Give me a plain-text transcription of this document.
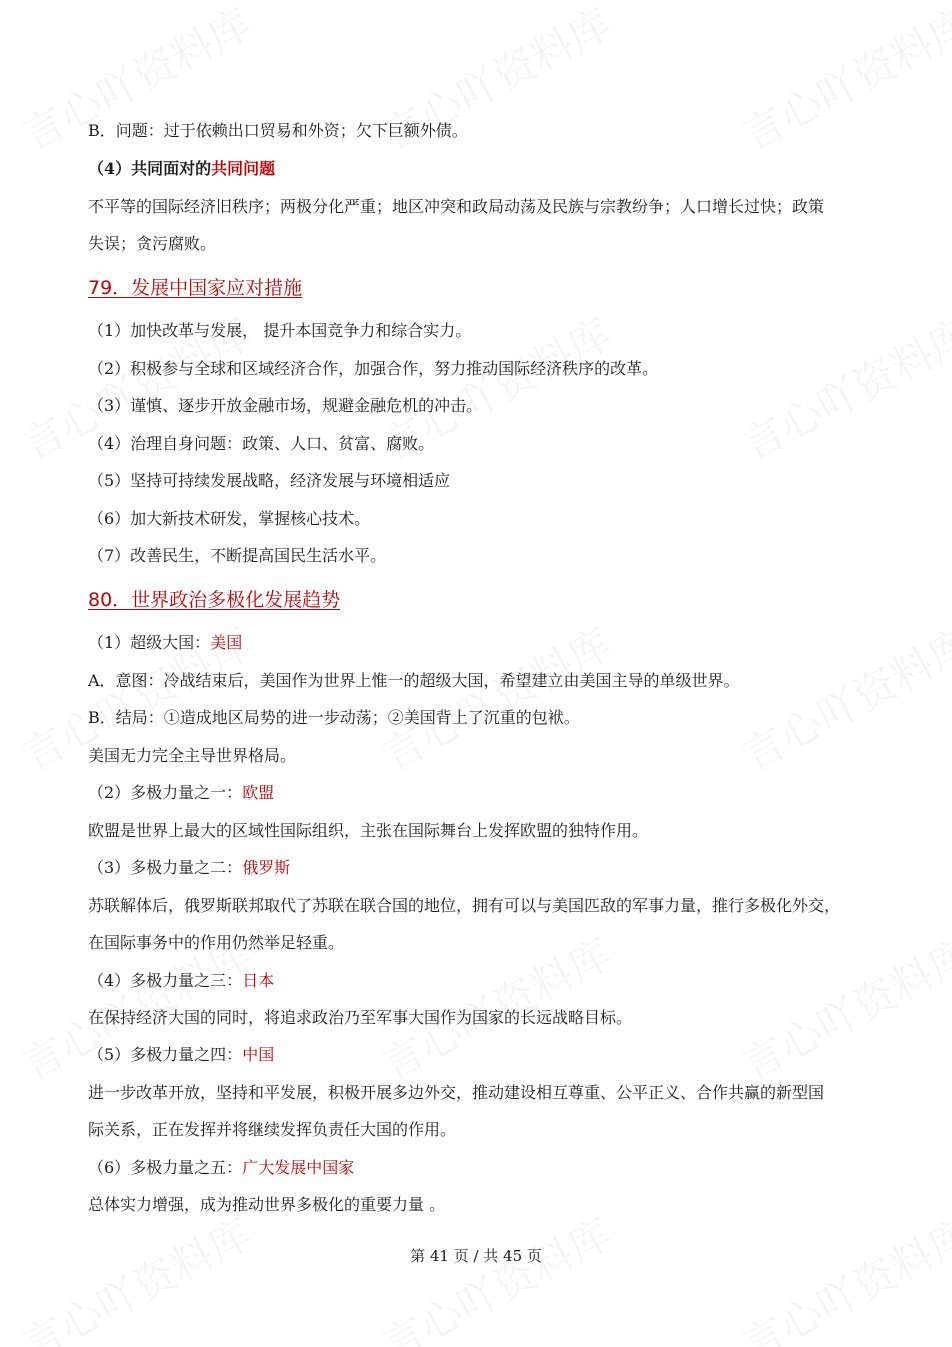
B．问题：过于依赖出口贸易和外资；欠下巨额外债。
（4）共同面对的共同问题
不平等的国际经济旧秩序；两极分化严重；地区冲突和政局动荡及民族与宗教纷争；人口增长过快；政策
失误；贪污腐败。
79．发展中国家应对措施
（1）加快改革与发展， 提升本国竞争力和综合实力。
（2）积极参与全球和区域经济合作，加强合作，努力推动国际经济秩序的改革。
（3）谨慎、逐步开放金融市场，规避金融危机的冲击。
（4）治理自身问题：政策、人口、贫富、腐败。
（5）坚持可持续发展战略，经济发展与环境相适应
（6）加大新技术研发，掌握核心技术。
（7）改善民生，不断提高国民生活水平。
80．世界政治多极化发展趋势
（1）超级大国：美国
A．意图：冷战结束后，美国作为世界上惟一的超级大国，希望建立由美国主导的单级世界。
B．结局：①造成地区局势的进一步动荡；②美国背上了沉重的包袱。
美国无力完全主导世界格局。
（2）多极力量之一：欧盟
欧盟是世界上最大的区域性国际组织，主张在国际舞台上发挥欧盟的独特作用。
（3）多极力量之二：俄罗斯
苏联解体后，俄罗斯联邦取代了苏联在联合国的地位，拥有可以与美国匹敌的军事力量，推行多极化外交，
在国际事务中的作用仍然举足轻重。
（4）多极力量之三：日本
在保持经济大国的同时，将追求政治乃至军事大国作为国家的长远战略目标。
（5）多极力量之四：中国
进一步改革开放，坚持和平发展，积极开展多边外交，推动建设相互尊重、公平正义、合作共赢的新型国
际关系，正在发挥并将继续发挥负责任大国的作用。
（6）多极力量之五：广大发展中国家
总体实力增强，成为推动世界多极化的重要力量 。
第 41 页 / 共 45 页
